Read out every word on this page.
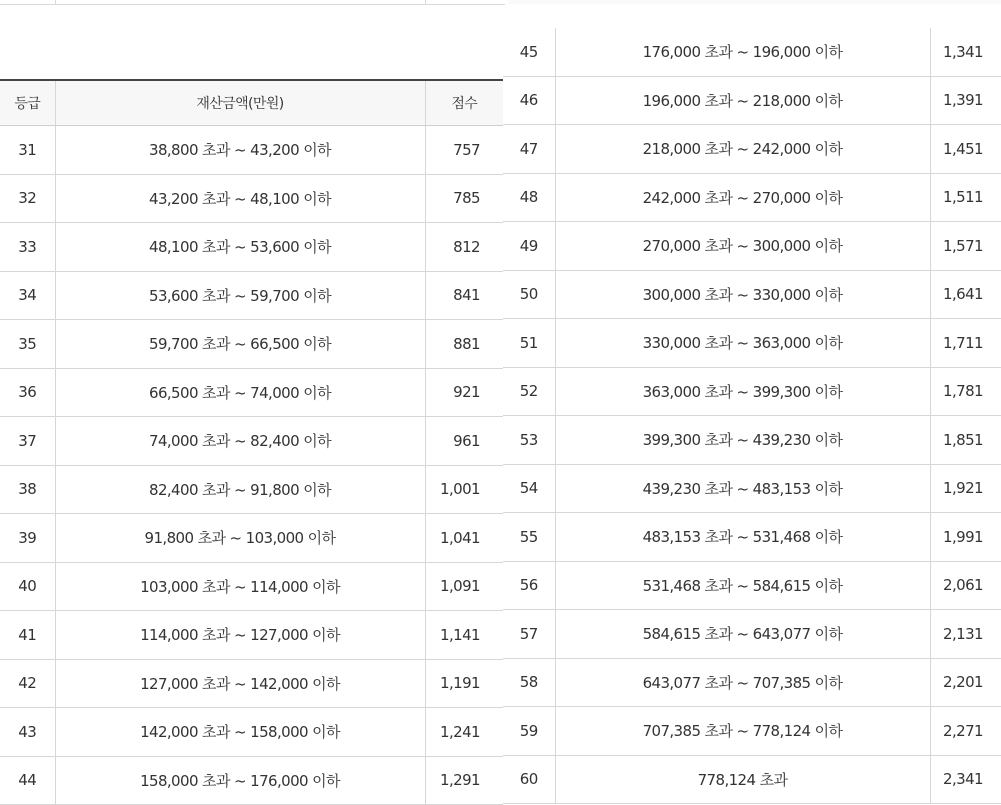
등급	재산금액(만원)	점수
31	38,800 초과 ~ 43,200 이하	757
32	43,200 초과 ~ 48,100 이하	785
33	48,100 초과 ~ 53,600 이하	812
34	53,600 초과 ~ 59,700 이하	841
35	59,700 초과 ~ 66,500 이하	881
36	66,500 초과 ~ 74,000 이하	921
37	74,000 초과 ~ 82,400 이하	961
38	82,400 초과 ~ 91,800 이하	1,001
39	91,800 초과 ~ 103,000 이하	1,041
40	103,000 초과 ~ 114,000 이하	1,091
41	114,000 초과 ~ 127,000 이하	1,141
42	127,000 초과 ~ 142,000 이하	1,191
43	142,000 초과 ~ 158,000 이하	1,241
44	158,000 초과 ~ 176,000 이하	1,291
45	176,000 초과 ~ 196,000 이하	1,341
46	196,000 초과 ~ 218,000 이하	1,391
47	218,000 초과 ~ 242,000 이하	1,451
48	242,000 초과 ~ 270,000 이하	1,511
49	270,000 초과 ~ 300,000 이하	1,571
50	300,000 초과 ~ 330,000 이하	1,641
51	330,000 초과 ~ 363,000 이하	1,711
52	363,000 초과 ~ 399,300 이하	1,781
53	399,300 초과 ~ 439,230 이하	1,851
54	439,230 초과 ~ 483,153 이하	1,921
55	483,153 초과 ~ 531,468 이하	1,991
56	531,468 초과 ~ 584,615 이하	2,061
57	584,615 초과 ~ 643,077 이하	2,131
58	643,077 초과 ~ 707,385 이하	2,201
59	707,385 초과 ~ 778,124 이하	2,271
60	778,124 초과	2,341
